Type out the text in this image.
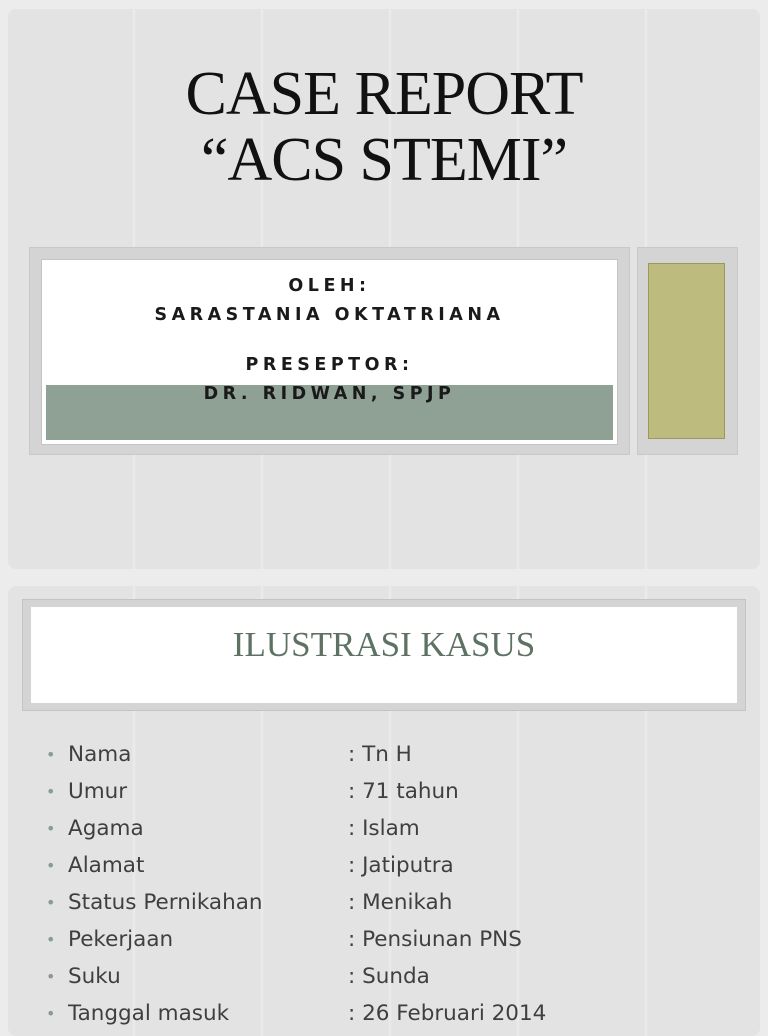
CASE REPORT
“ACS STEMI”
OLEH:
SARASTANIA OKTATRIANA
PRESEPTOR:
DR. RIDWAN, SPJP
ILUSTRASI KASUS
• Nama	: Tn H
• Umur	: 71 tahun
• Agama	: Islam
• Alamat	: Jatiputra
• Status Pernikahan	: Menikah
• Pekerjaan	: Pensiunan PNS
• Suku	: Sunda
• Tanggal masuk	: 26 Februari 2014
